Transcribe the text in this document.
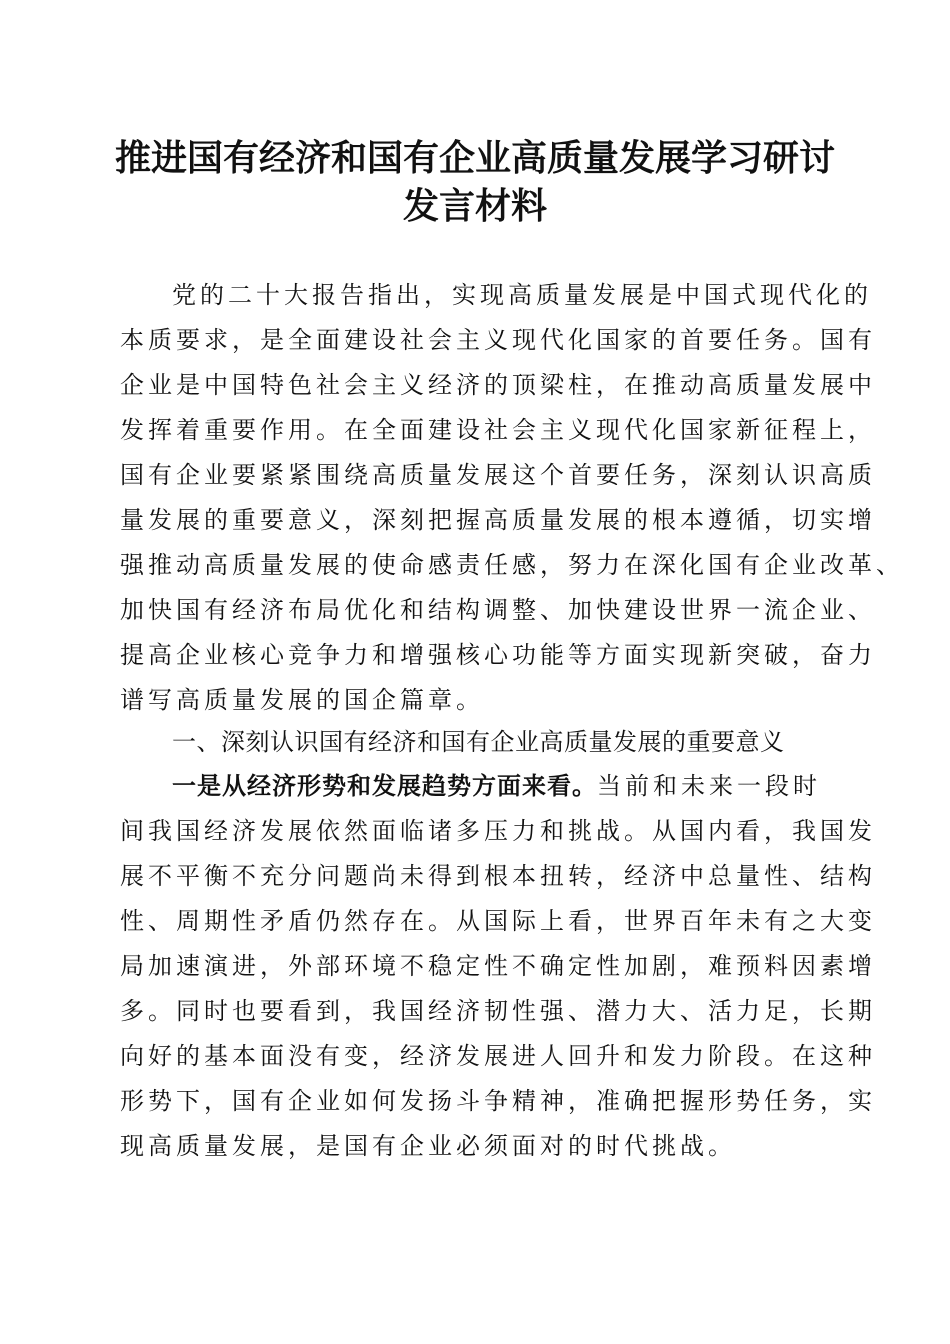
推进国有经济和国有企业高质量发展学习研讨
发言材料
党的二十大报告指出，实现高质量发展是中国式现代化的
本质要求，是全面建设社会主义现代化国家的首要任务。国有
企业是中国特色社会主义经济的顶梁柱，在推动高质量发展中
发挥着重要作用。在全面建设社会主义现代化国家新征程上，
国有企业要紧紧围绕高质量发展这个首要任务，深刻认识高质
量发展的重要意义，深刻把握高质量发展的根本遵循，切实增
强推动高质量发展的使命感责任感，努力在深化国有企业改革、
加快国有经济布局优化和结构调整、加快建设世界一流企业、
提高企业核心竞争力和增强核心功能等方面实现新突破，奋力
谱写高质量发展的国企篇章。
一、深刻认识国有经济和国有企业高质量发展的重要意义
一是从经济形势和发展趋势方面来看。当前和未来一段时
间我国经济发展依然面临诸多压力和挑战。从国内看，我国发
展不平衡不充分问题尚未得到根本扭转，经济中总量性、结构
性、周期性矛盾仍然存在。从国际上看，世界百年未有之大变
局加速演进，外部环境不稳定性不确定性加剧，难预料因素增
多。同时也要看到，我国经济韧性强、潜力大、活力足，长期
向好的基本面没有变，经济发展进人回升和发力阶段。在这种
形势下，国有企业如何发扬斗争精神，准确把握形势任务，实
现高质量发展，是国有企业必须面对的时代挑战。
